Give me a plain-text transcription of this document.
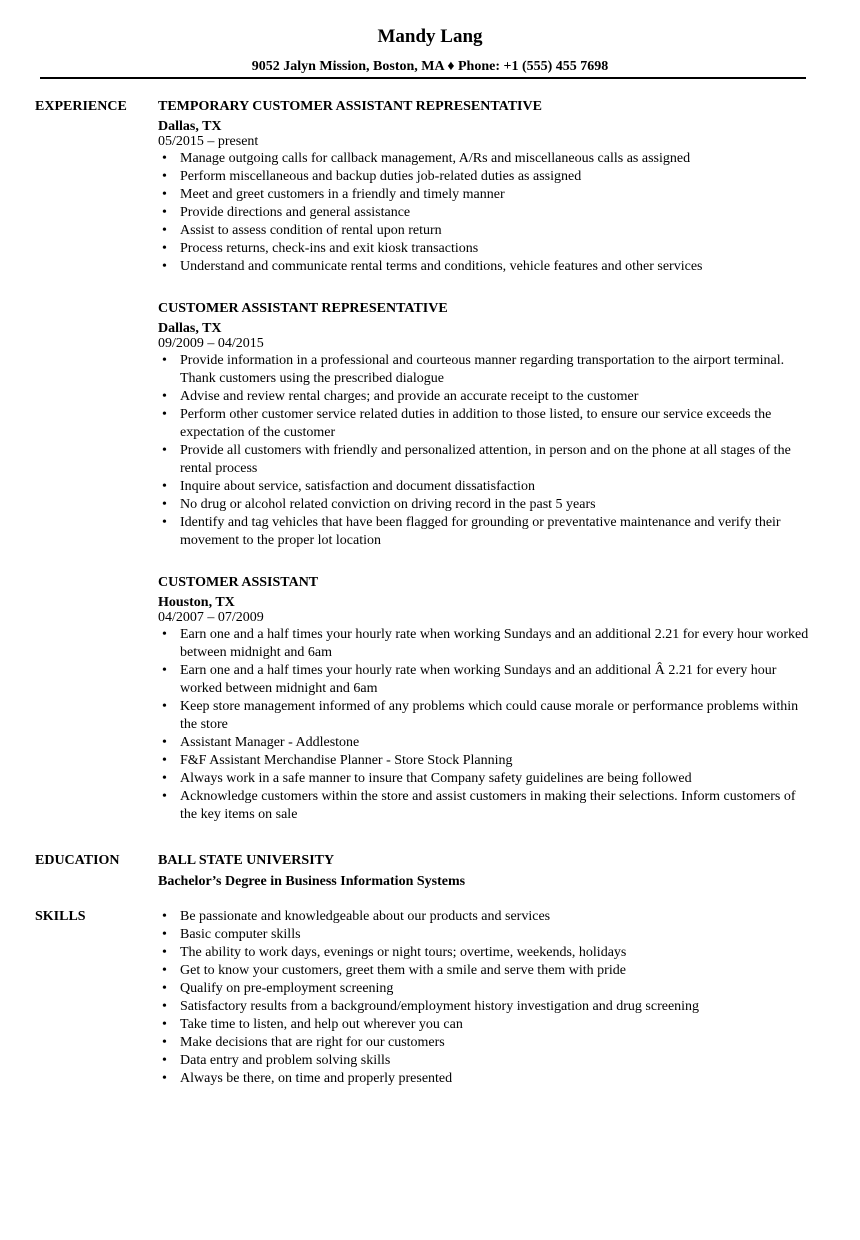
Mandy Lang
9052 Jalyn Mission, Boston, MA ♦ Phone: +1 (555) 455 7698
EXPERIENCE TEMPORARY CUSTOMER ASSISTANT REPRESENTATIVE
Dallas, TX
05/2015 – present
• Manage outgoing calls for callback management, A/Rs and miscellaneous calls as assigned
• Perform miscellaneous and backup duties job-related duties as assigned
• Meet and greet customers in a friendly and timely manner
• Provide directions and general assistance
• Assist to assess condition of rental upon return
• Process returns, check-ins and exit kiosk transactions
• Understand and communicate rental terms and conditions, vehicle features and other services
CUSTOMER ASSISTANT REPRESENTATIVE
Dallas, TX
09/2009 – 04/2015
• Provide information in a professional and courteous manner regarding transportation to the airport terminal. Thank customers using the prescribed dialogue
• Advise and review rental charges; and provide an accurate receipt to the customer
• Perform other customer service related duties in addition to those listed, to ensure our service exceeds the expectation of the customer
• Provide all customers with friendly and personalized attention, in person and on the phone at all stages of the rental process
• Inquire about service, satisfaction and document dissatisfaction
• No drug or alcohol related conviction on driving record in the past 5 years
• Identify and tag vehicles that have been flagged for grounding or preventative maintenance and verify their movement to the proper lot location
CUSTOMER ASSISTANT
Houston, TX
04/2007 – 07/2009
• Earn one and a half times your hourly rate when working Sundays and an additional 2.21 for every hour worked between midnight and 6am
• Earn one and a half times your hourly rate when working Sundays and an additional Â 2.21 for every hour worked between midnight and 6am
• Keep store management informed of any problems which could cause morale or performance problems within the store
• Assistant Manager - Addlestone
• F&F Assistant Merchandise Planner - Store Stock Planning
• Always work in a safe manner to insure that Company safety guidelines are being followed
• Acknowledge customers within the store and assist customers in making their selections. Inform customers of the key items on sale
EDUCATION	BALL STATE UNIVERSITY
Bachelor’s Degree in Business Information Systems
SKILLS
•	Be passionate and knowledgeable about our products and services
• Basic computer skills
• The ability to work days, evenings or night tours; overtime, weekends, holidays
• Get to know your customers, greet them with a smile and serve them with pride
• Qualify on pre-employment screening
• Satisfactory results from a background/employment history investigation and drug screening
• Take time to listen, and help out wherever you can
• Make decisions that are right for our customers
• Data entry and problem solving skills
• Always be there, on time and properly presented
